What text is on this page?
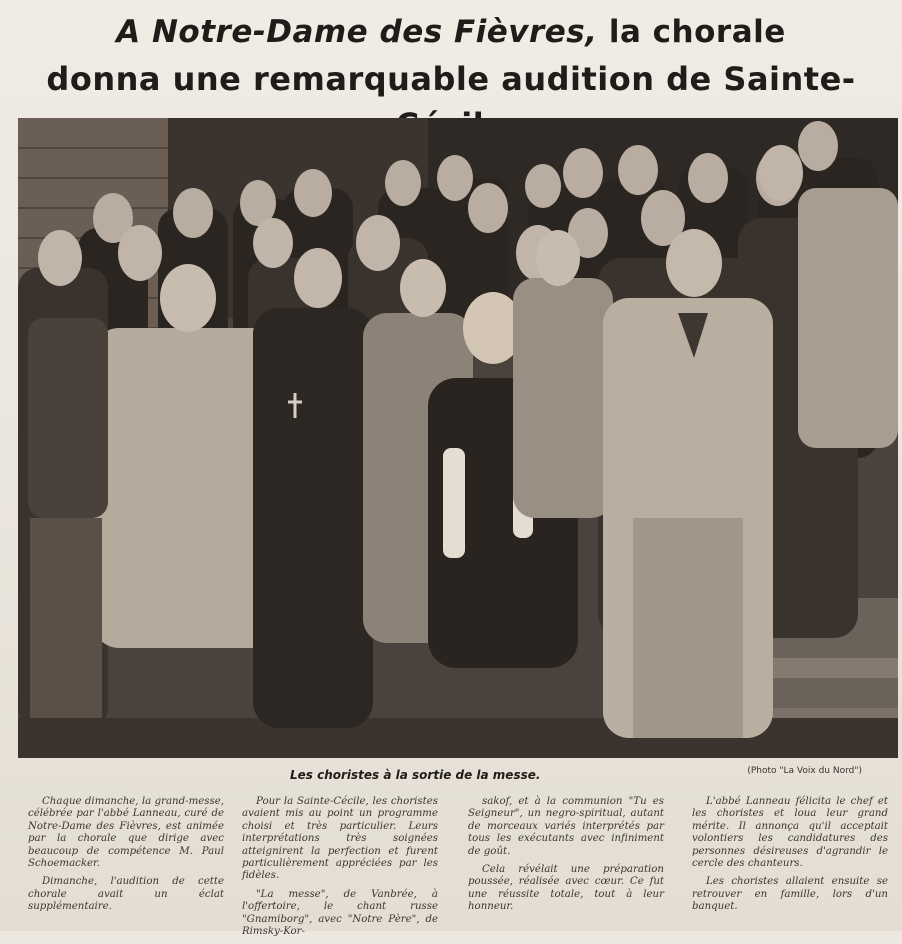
A Notre-Dame des Fièvres, la chorale
donna une remarquable audition de Sainte-
Les choristes à la sortie de la messe.	(Photo "La Voix du Nord")

Chaque dimanche, la grand-messe, célébrée par l'abbé Lanneau, curé de Notre-Dame des Fièvres, est animée par la chorale que dirige avec beaucoup de compétence M. Paul Schoemacker.

Dimanche, l'audition de cette chorale avait un éclat supplémentaire.

Pour la Sainte-Cécile, les choristes avaient mis au point un programme choisi et très particulier. Leurs interprétations très soignées atteignirent la perfection et furent particulièrement appréciées par les fidèles.

"La messe", de Vanbrée, à l'offertoire, le chant russe "Gnamiborg", avec "Notre Père", de Rimsky-Kor-

sakof, et à la communion "Tu es Seigneur", un negro-spiritual, autant de morceaux variés interprétés par tous les exécutants avec infiniment de goût.

Cela révélait une préparation poussée, réalisée avec cœur. Ce fut une réussite totale, tout à leur honneur.

L'abbé Lanneau félicita le chef et les choristes et loua leur grand mérite. Il annonça qu'il acceptait volontiers les candidatures des personnes désireuses d'agrandir le cercle des chanteurs.

Les choristes allaient ensuite se retrouver en famille, lors d'un banquet.
